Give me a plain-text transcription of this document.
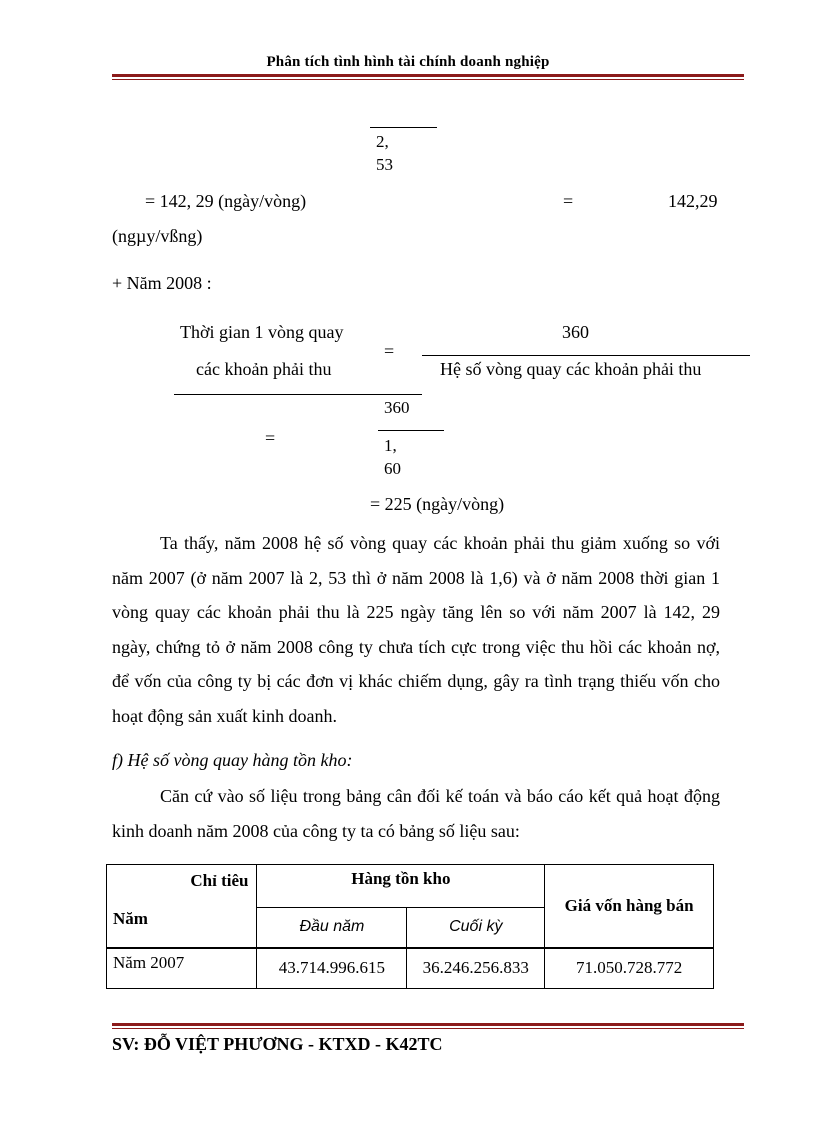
Phân tích tình hình tài chính doanh nghiệp
2,
53
= 142, 29 (ngày/vòng)	=	142,29
(ngµy/vßng)
+ Năm 2008 :
Thời gian 1 vòng quay
các khoản phải thu
=
360
Hệ số vòng quay các khoản phải thu
360
=	1,
60
= 225 (ngày/vòng)
Ta thấy, năm 2008 hệ số vòng quay các khoản phải thu giảm xuống so với năm 2007 (ở năm 2007 là 2, 53 thì ở năm 2008 là 1,6) và ở năm 2008 thời gian 1 vòng quay các khoản phải thu là 225 ngày tăng lên so với năm 2007 là 142, 29 ngày, chứng tỏ ở năm 2008 công ty chưa tích cực trong việc thu hồi các khoản nợ, để vốn của công ty bị các đơn vị khác chiếm dụng, gây ra tình trạng thiếu vốn cho hoạt động sản xuất kinh doanh.
f) Hệ số vòng quay hàng tồn kho:
Căn cứ vào số liệu trong bảng cân đối kế toán và báo cáo kết quả hoạt động kinh doanh năm 2008 của công ty ta có bảng số liệu sau:
Chỉ tiêu
Năm	Hàng tồn kho		Giá vốn hàng bán
	Đầu năm	Cuối kỳ	
Năm 2007	43.714.996.615	36.246.256.833	71.050.728.772
SV: ĐỖ VIỆT PHƯƠNG - KTXD - K42TC
